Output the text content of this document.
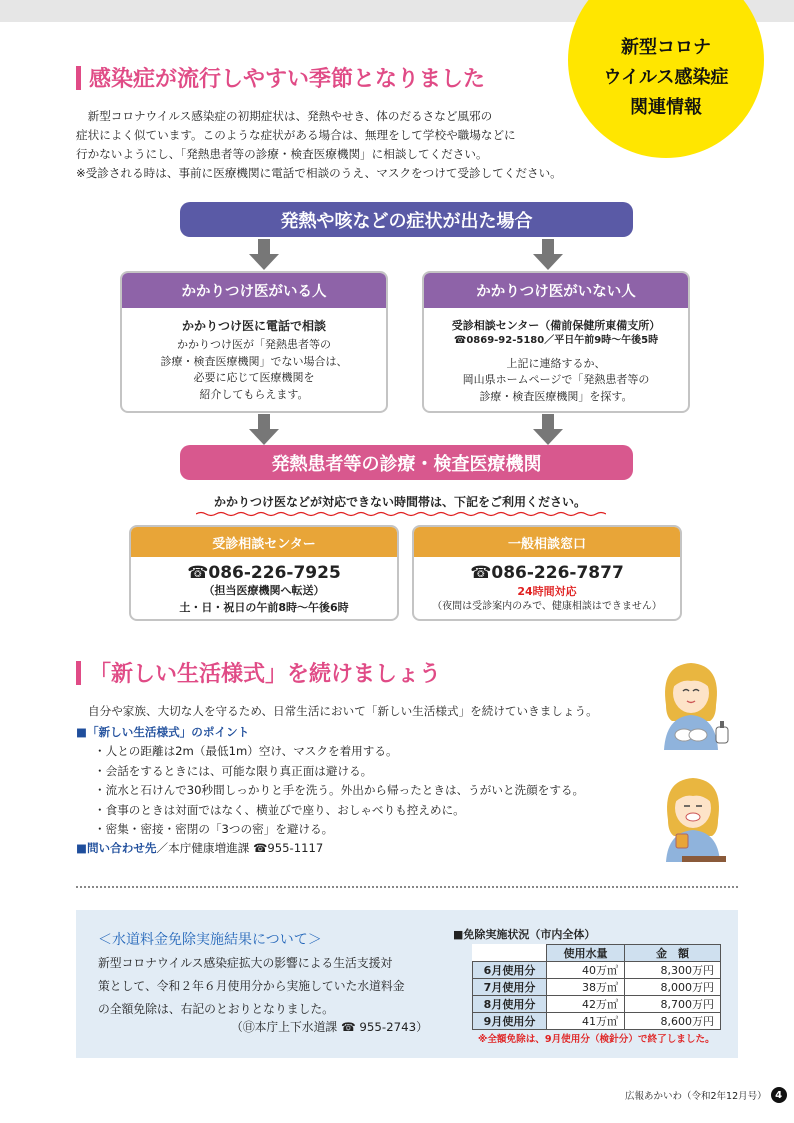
新型コロナ
ウイルス感染症
関連情報
感染症が流行しやすい季節となりました

　新型コロナウイルス感染症の初期症状は、発熱やせき、体のだるさなど風邪の

症状によく似ています。このような症状がある場合は、無理をして学校や職場などに

行かないようにし、「発熱患者等の診療・検査医療機関」に相談してください。

※受診される時は、事前に医療機関に電話で相談のうえ、マスクをつけて受診してください。

発熱や咳などの症状が出た場合
かかりつけ医がいる人
かかりつけ医に電話で相談
かかりつけ医が「発熱患者等の
診療・検査医療機関」でない場合は、
必要に応じて医療機関を
紹介してもらえます。
かかりつけ医がいない人
受診相談センター（備前保健所東備支所）
☎0869-92-5180／平日午前9時〜午後5時
上記に連絡するか、
岡山県ホームページで「発熱患者等の
診療・検査医療機関」を探す。
発熱患者等の診療・検査医療機関
かかりつけ医などが対応できない時間帯は、下記をご利用ください。
受診相談センター
☎086-226-7925
（担当医療機関へ転送）
土・日・祝日の午前8時〜午後6時
一般相談窓口
☎086-226-7877
24時間対応
（夜間は受診案内のみで、健康相談はできません）
「新しい生活様式」を続けましょう
自分や家族、大切な人を守るため、日常生活において「新しい生活様式」を続けていきましょう。
■「新しい生活様式」のポイント
・人との距離は2m（最低1m）空け、マスクを着用する。
・会話をするときには、可能な限り真正面は避ける。
・流水と石けんで30秒間しっかりと手を洗う。外出から帰ったときは、うがいと洗顔をする。
・食事のときは対面ではなく、横並びで座り、おしゃべりも控えめに。
・密集・密接・密閉の「3つの密」を避ける。
■問い合わせ先／本庁健康増進課 ☎955-1117
＜水道料金免除実施結果について＞

新型コロナウイルス感染症拡大の影響による生活支援対

策として、令和２年６月使用分から実施していた水道料金

の全額免除は、右記のとおりとなりました。

（㊐本庁上下水道課 ☎ 955-2743）
■免除実施状況（市内全体）
	使用水量	金　額
6月使用分	40万㎥	8,300万円
7月使用分	38万㎥	8,000万円
8月使用分	42万㎥	8,700万円
9月使用分	41万㎥	8,600万円
※全額免除は、9月使用分（検針分）で終了しました。
広報あかいわ（令和2年12月号） 4
